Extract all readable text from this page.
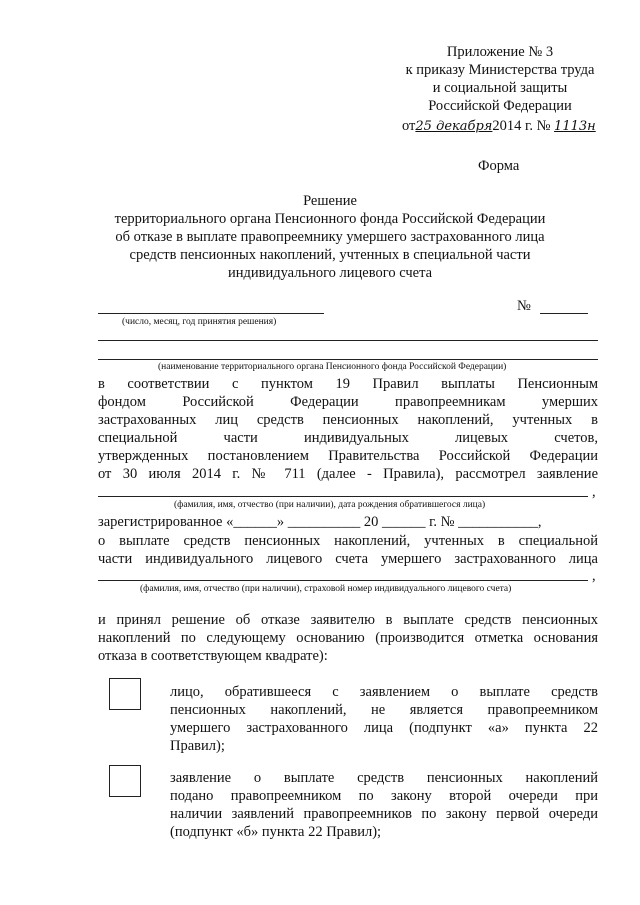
Приложение № 3
к приказу Министерства труда
и социальной защиты
Российской Федерации
от25 декабря2014 г. № 1113н
Форма
Решение
территориального органа Пенсионного фонда Российской Федерации
об отказе в выплате правопреемнику умершего застрахованного лица
средств пенсионных накоплений, учтенных в специальной части
индивидуального лицевого счета
(число, месяц, год принятия решения)
№
(наименование территориального органа Пенсионного фонда Российской Федерации)
в соответствии с пунктом 19 Правил выплаты Пенсионным
фондом Российской Федерации правопреемникам умерших
застрахованных лиц средств пенсионных накоплений, учтенных в
специальной части индивидуальных лицевых счетов,
утвержденных постановлением Правительства Российской Федерации
от 30 июля 2014 г. № 711 (далее - Правила), рассмотрел заявление
,
(фамилия, имя, отчество (при наличии), дата рождения обратившегося лица)
зарегистрированное «______» __________ 20 ______ г. № ___________,
о выплате средств пенсионных накоплений, учтенных в специальной
части индивидуального лицевого счета умершего застрахованного лица
,
(фамилия, имя, отчество (при наличии), страховой номер индивидуального лицевого счета)
и принял решение об отказе заявителю в выплате средств пенсионных
накоплений по следующему основанию (производится отметка основания
отказа в соответствующем квадрате):
лицо, обратившееся с заявлением о выплате средств
пенсионных накоплений, не является правопреемником
умершего застрахованного лица (подпункт «а» пункта 22
Правил);
заявление о выплате средств пенсионных накоплений
подано правопреемником по закону второй очереди при
наличии заявлений правопреемников по закону первой очереди
(подпункт «б» пункта 22 Правил);
